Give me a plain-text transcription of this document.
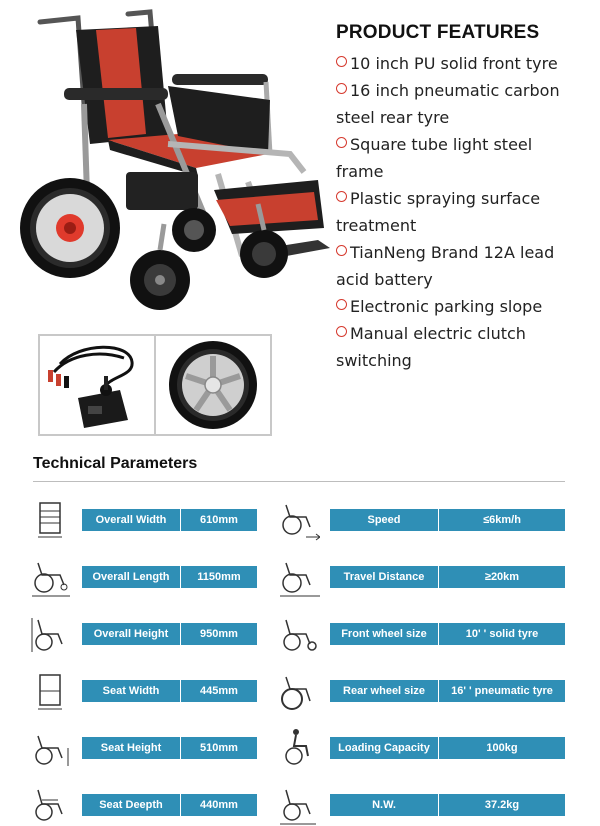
PRODUCT FEATURES
10 inch PU solid front tyre
16 inch pneumatic carbon
steel rear tyre
Square tube light steel
frame
Plastic spraying surface
treatment
TianNeng Brand 12A lead
acid battery
Electronic parking slope
Manual electric clutch
switching
Technical Parameters
Overall Width	610mm
Overall Length	1150mm
Overall Height	950mm
Seat Width	445mm
Seat Height	510mm
Seat Deepth	440mm
Speed	≤6km/h
Travel Distance	≥20km
Front wheel size	10' ' solid tyre
Rear wheel size	16' ' pneumatic tyre
Loading Capacity	100kg
N.W.	37.2kg
